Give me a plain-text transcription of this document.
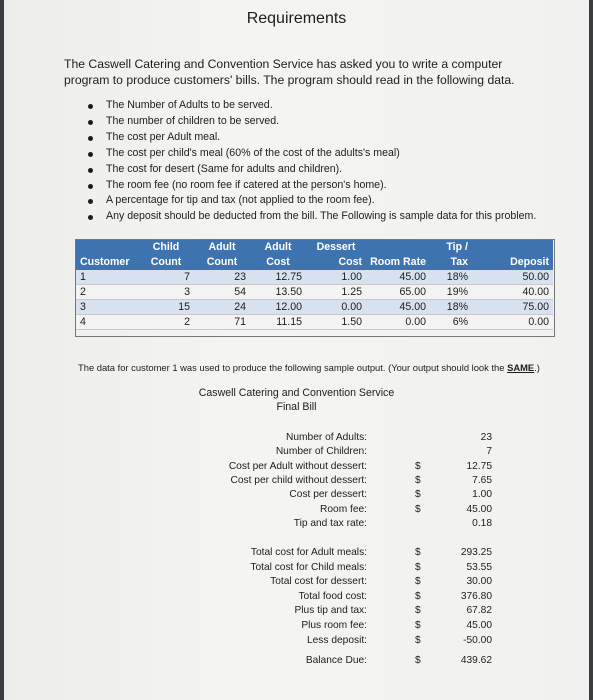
Requirements
The Caswell Catering and Convention Service has asked you to write a computer program to produce customers' bills. The program should read in the following data.
The Number of Adults to be served.
The number of children to be served.
The cost per Adult meal.
The cost per child's meal (60% of the cost of the adults's meal)
The cost for desert (Same for adults and children).
The room fee (no room fee if catered at the person's home).
A percentage for tip and tax (not applied to the room fee).
Any deposit should be deducted from the bill. The Following is sample data for this problem.
	Child	Adult	Adult	Dessert		Tip /	
Customer	Count	Count	Cost	Cost	Room Rate	Tax	Deposit
1	7	23	12.75	1.00	45.00	18%	50.00
2	3	54	13.50	1.25	65.00	19%	40.00
3	15	24	12.00	0.00	45.00	18%	75.00
4	2	71	11.15	1.50	0.00	6%	0.00
The data for customer 1 was used to produce the following sample output. (Your output should look the SAME.)
Caswell Catering and Convention Service
Final Bill
Number of Adults:	23
Number of Children:	7
Cost per Adult without dessert:	$	12.75
Cost per child without dessert:	$	7.65
Cost per dessert:	$	1.00
Room fee:	$	45.00
Tip and tax rate:	0.18
Total cost for Adult meals:	$	293.25
Total cost for Child meals:	$	53.55
Total cost for dessert:	$	30.00
Total food cost:	$	376.80
Plus tip and tax:	$	67.82
Plus room fee:	$	45.00
Less deposit:	$	-50.00
Balance Due:	$	439.62
